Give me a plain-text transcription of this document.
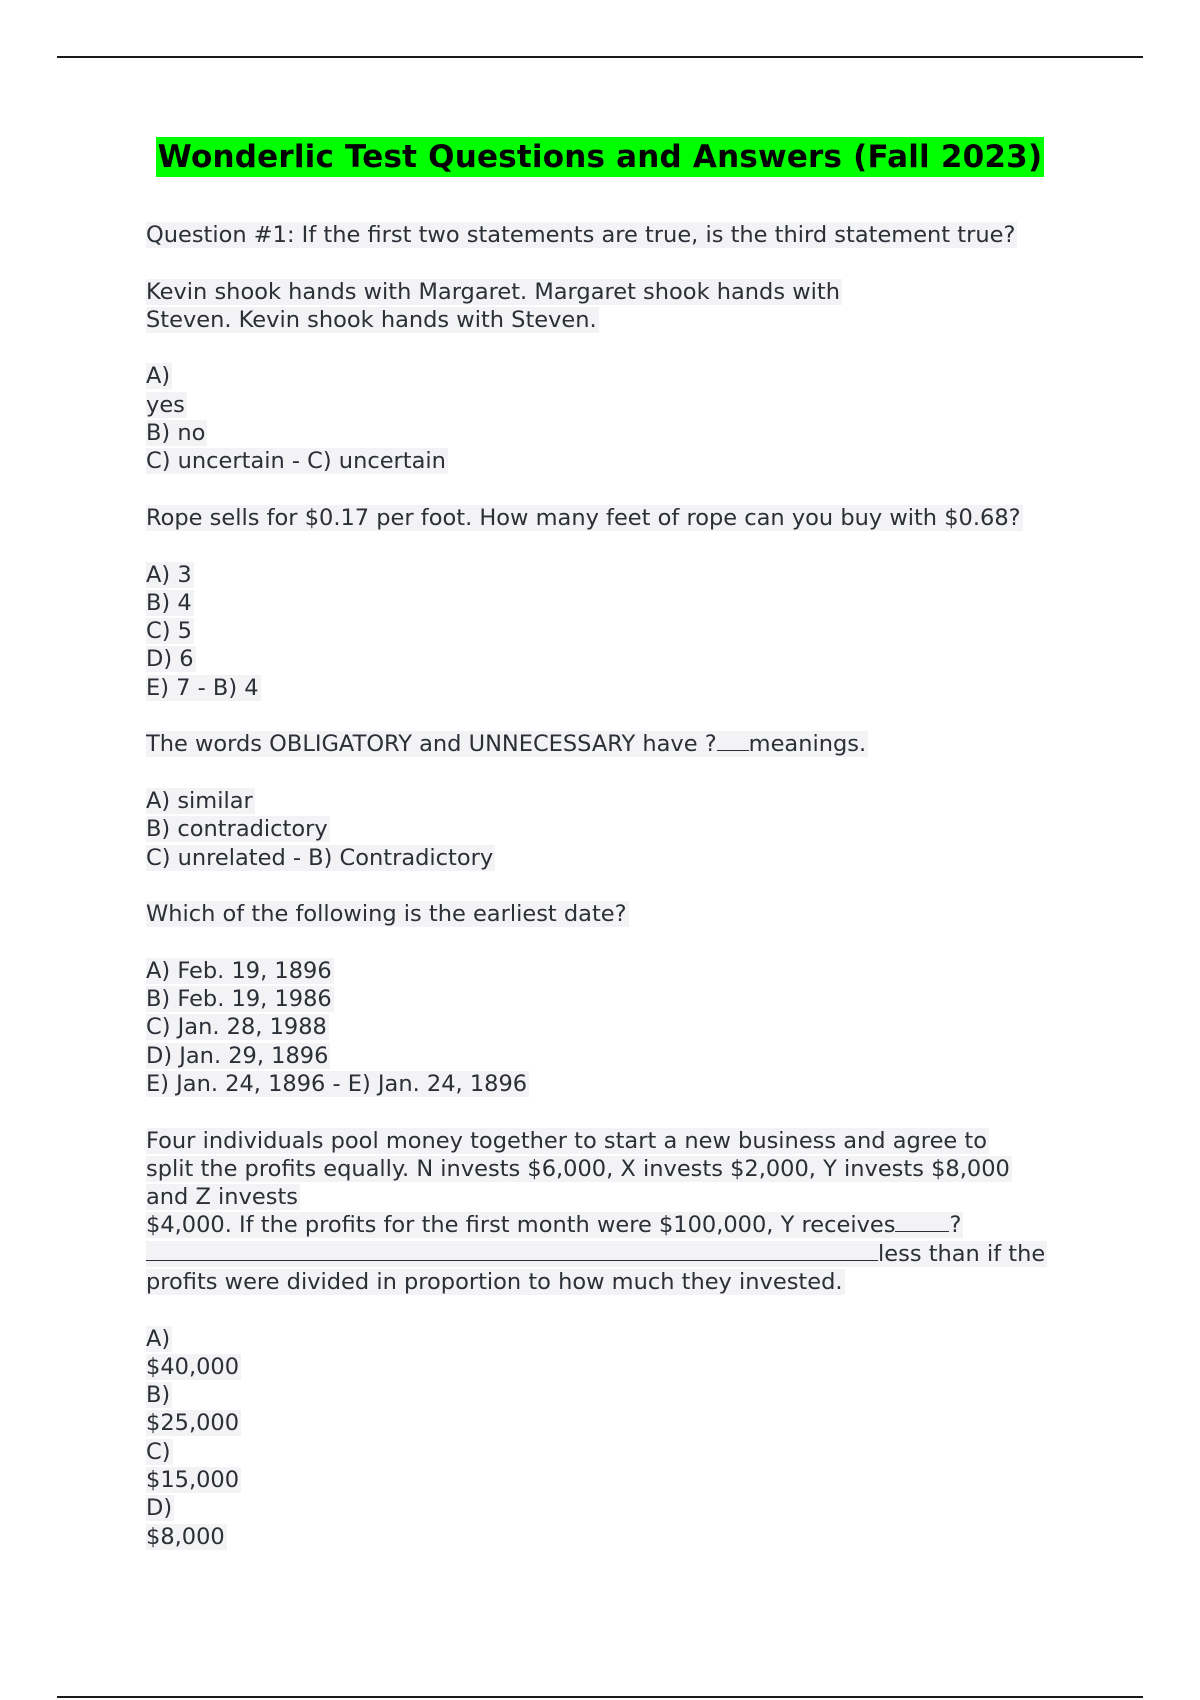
Wonderlic Test Questions and Answers (Fall 2023)
Question #1: If the first two statements are true, is the third statement true?
Kevin shook hands with Margaret. Margaret shook hands with
Steven. Kevin shook hands with Steven.
A)
yes
B) no
C) uncertain - C) uncertain
Rope sells for $0.17 per foot. How many feet of rope can you buy with $0.68?
A) 3
B) 4
C) 5
D) 6
E) 7 - B) 4
The words OBLIGATORY and UNNECESSARY have ? meanings.
A) similar
B) contradictory
C) unrelated - B) Contradictory
Which of the following is the earliest date?
A) Feb. 19, 1896
B) Feb. 19, 1986
C) Jan. 28, 1988
D) Jan. 29, 1896
E) Jan. 24, 1896 - E) Jan. 24, 1896
Four individuals pool money together to start a new business and agree to
split the profits equally. N invests $6,000, X invests $2,000, Y invests $8,000
and Z invests
$4,000. If the profits for the first month were $100,000, Y receives ?
less than if the
profits were divided in proportion to how much they invested.
A)
$40,000
B)
$25,000
C)
$15,000
D)
$8,000
